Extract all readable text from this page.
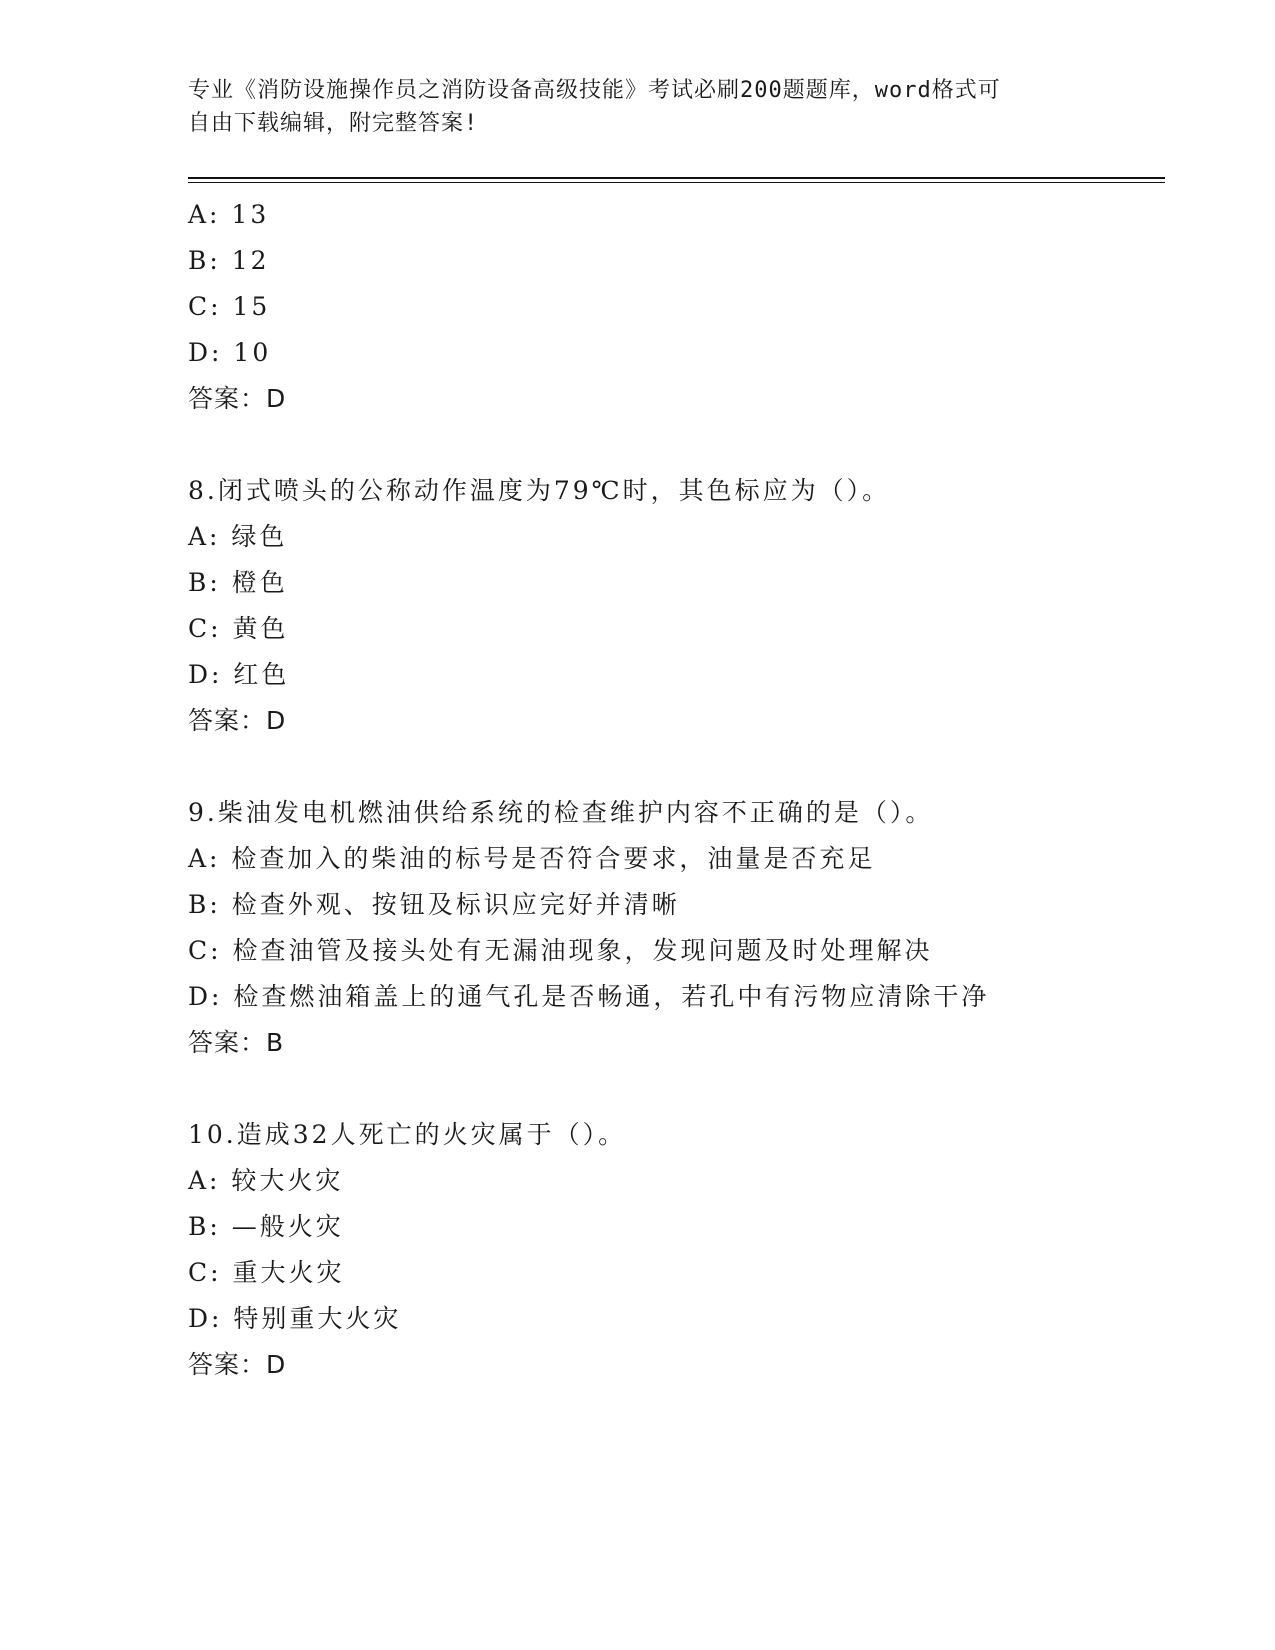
专业《消防设施操作员之消防设备高级技能》考试必刷200题题库，word格式可
自由下载编辑，附完整答案!
A: 13
B: 12
C: 15
D: 10
答案：D
8.闭式喷头的公称动作温度为79℃时，其色标应为（）。
A: 绿色
B: 橙色
C: 黄色
D: 红色
答案：D
9.柴油发电机燃油供给系统的检查维护内容不正确的是（）。
A: 检查加入的柴油的标号是否符合要求，油量是否充足
B: 检查外观、按钮及标识应完好并清晰
C: 检查油管及接头处有无漏油现象，发现问题及时处理解决
D: 检查燃油箱盖上的通气孔是否畅通，若孔中有污物应清除干净
答案：B
10.造成32人死亡的火灾属于（）。
A: 较大火灾
B: —般火灾
C: 重大火灾
D: 特别重大火灾
答案：D
